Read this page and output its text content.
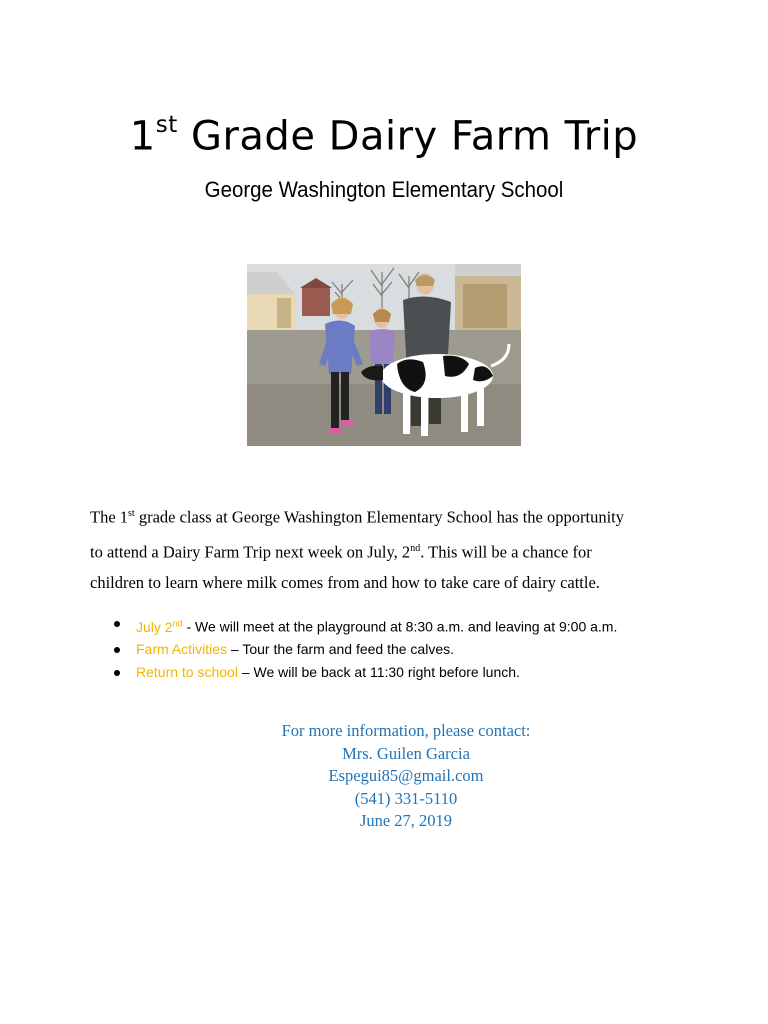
1st Grade Dairy Farm Trip
George Washington Elementary School

The 1st grade class at George Washington Elementary School has the opportunity

to attend a Dairy Farm Trip next week on July, 2nd. This will be a chance for

children to learn where milk comes from and how to take care of dairy cattle.

July 2nd - We will meet at the playground at 8:30 a.m. and leaving at 9:00 a.m.
Farm Activities – Tour the farm and feed the calves.
Return to school – We will be back at 11:30 right before lunch.
For more information, please contact:
Mrs. Guilen Garcia
Espegui85@gmail.com
(541) 331-5110
June 27, 2019
